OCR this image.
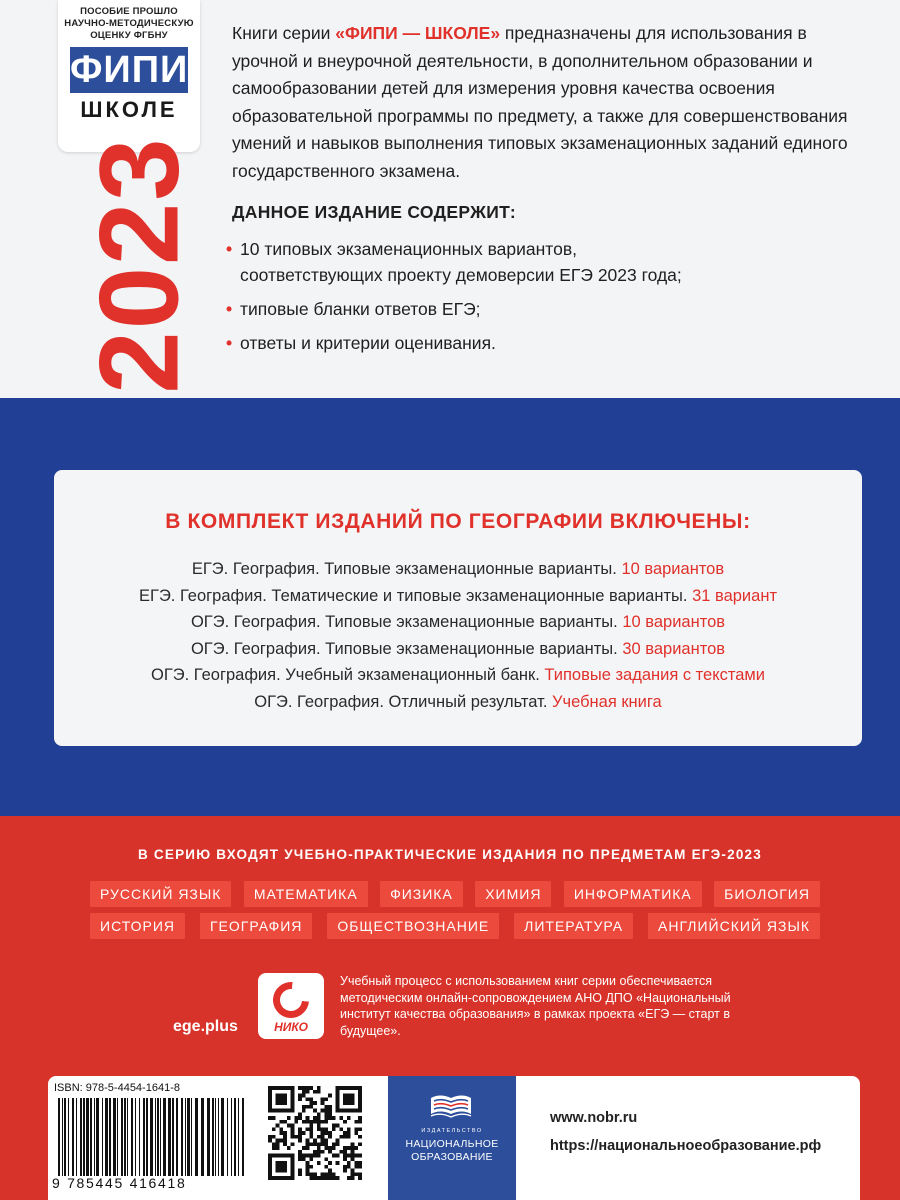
ПОСОБИЕ ПРОШЛО
НАУЧНО-МЕТОДИЧЕСКУЮ
ОЦЕНКУ ФГБНУ
ФИПИ
ШКОЛЕ
2023

Книги серии «ФИПИ — ШКОЛЕ» предназначены для использования в урочной и внеурочной деятельности, в дополнительном образовании и самообразовании детей для измерения уровня качества освоения образовательной программы по предмету, а также для совершенствования умений и навыков выполнения типовых экзаменационных заданий единого государственного экзамена.

ДАННОЕ ИЗДАНИЕ СОДЕРЖИТ:
• 10 типовых экзаменационных вариантов,
соответствующих проекту демоверсии ЕГЭ 2023 года;
• типовые бланки ответов ЕГЭ;
• ответы и критерии оценивания.
В КОМПЛЕКТ ИЗДАНИЙ ПО ГЕОГРАФИИ ВКЛЮЧЕНЫ:
ЕГЭ. География. Типовые экзаменационные варианты. 10 вариантов
ЕГЭ. География. Тематические и типовые экзаменационные варианты. 31 вариант
ОГЭ. География. Типовые экзаменационные варианты. 10 вариантов
ОГЭ. География. Типовые экзаменационные варианты. 30 вариантов
ОГЭ. География. Учебный экзаменационный банк. Типовые задания с текстами
ОГЭ. География. Отличный результат. Учебная книга
В СЕРИЮ ВХОДЯТ УЧЕБНО-ПРАКТИЧЕСКИЕ ИЗДАНИЯ ПО ПРЕДМЕТАМ ЕГЭ-2023
РУССКИЙ ЯЗЫК	МАТЕМАТИКА	ФИЗИКА	ХИМИЯ	ИНФОРМАТИКА	БИОЛОГИЯ
ИСТОРИЯ	ГЕОГРАФИЯ	ОБЩЕСТВОЗНАНИЕ	ЛИТЕРАТУРА	АНГЛИЙСКИЙ ЯЗЫК
ege.plus	НИКО

Учебный процесс с использованием книг серии обеспечивается методическим онлайн-сопровождением АНО ДПО «Национальный институт качества образования» в рамках проекта «ЕГЭ — старт в будущее».

ISBN: 978-5-4454-1641-8
9 785445 416418
ИЗДАТЕЛЬСТВО
НАЦИОНАЛЬНОЕ
ОБРАЗОВАНИЕ
www.nobr.ru
https://национальноеобразование.рф
